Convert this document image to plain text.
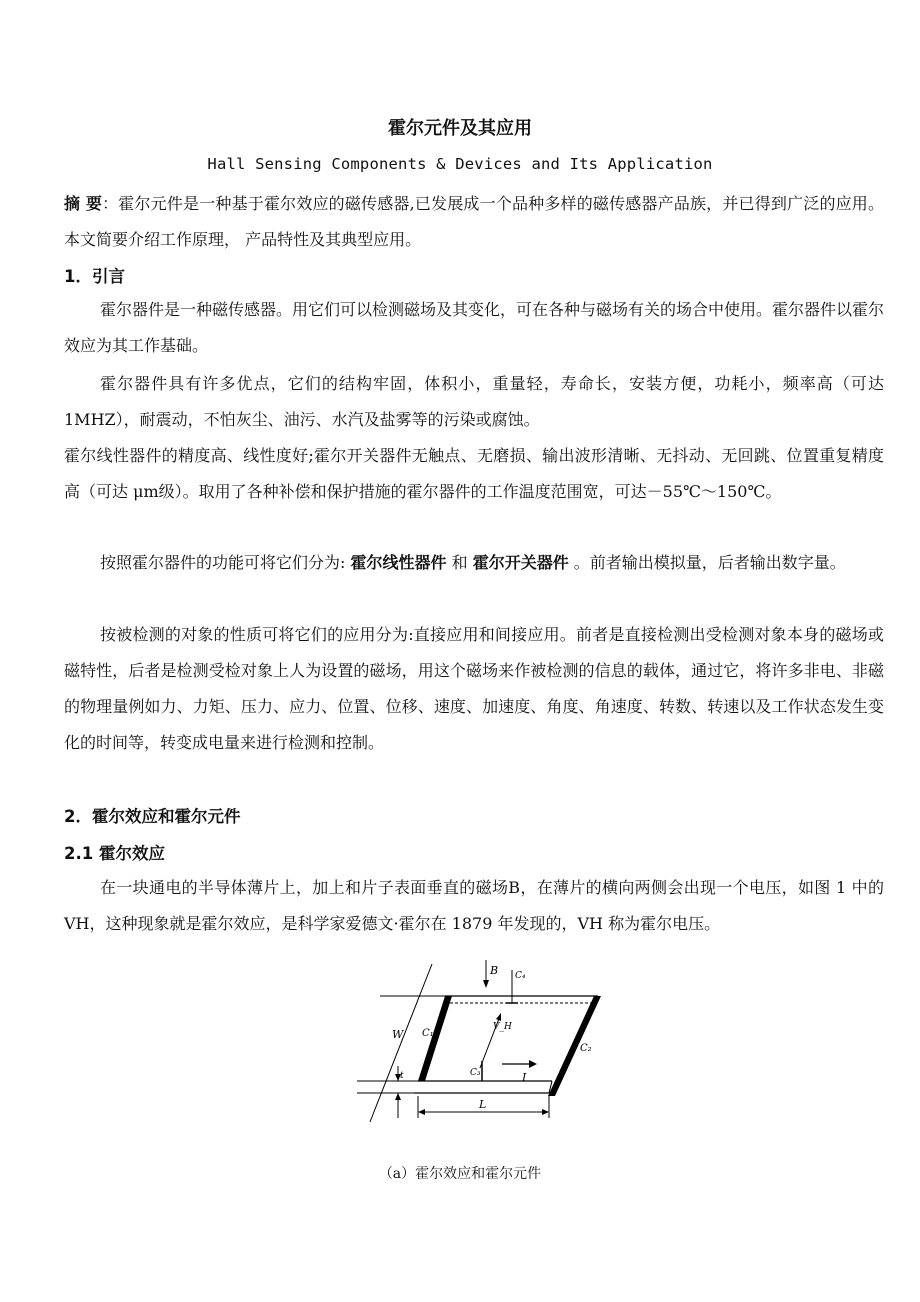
霍尔元件及其应用
Hall Sensing Components & Devices and Its Application
摘 要：霍尔元件是一种基于霍尔效应的磁传感器,已发展成一个品种多样的磁传感器产品族，并已得到广泛的应用。本文简要介绍工作原理， 产品特性及其典型应用。
1．引言
霍尔器件是一种磁传感器。用它们可以检测磁场及其变化，可在各种与磁场有关的场合中使用。霍尔器件以霍尔效应为其工作基础。
霍尔器件具有许多优点，它们的结构牢固，体积小，重量轻，寿命长，安装方便，功耗小，频率高（可达 1MHZ），耐震动，不怕灰尘、油污、水汽及盐雾等的污染或腐蚀。
霍尔线性器件的精度高、线性度好;霍尔开关器件无触点、无磨损、输出波形清晰、无抖动、无回跳、位置重复精度高（可达 μm级）。取用了各种补偿和保护措施的霍尔器件的工作温度范围宽，可达－55℃～150℃。
按照霍尔器件的功能可将它们分为: 霍尔线性器件 和 霍尔开关器件 。前者输出模拟量，后者输出数字量。
按被检测的对象的性质可将它们的应用分为:直接应用和间接应用。前者是直接检测出受检测对象本身的磁场或磁特性，后者是检测受检对象上人为设置的磁场，用这个磁场来作被检测的信息的载体，通过它，将许多非电、非磁的物理量例如力、力矩、压力、应力、位置、位移、速度、加速度、角度、角速度、转数、转速以及工作状态发生变化的时间等，转变成电量来进行检测和控制。
2．霍尔效应和霍尔元件
2.1 霍尔效应
在一块通电的半导体薄片上，加上和片子表面垂直的磁场B，在薄片的横向两侧会出现一个电压，如图 1 中的 VH，这种现象就是霍尔效应，是科学家爱德文·霍尔在 1879 年发现的，VH 称为霍尔电压。
B C₄
V_H
W C₁
C₂
C₃	I
t
L
（a）霍尔效应和霍尔元件
